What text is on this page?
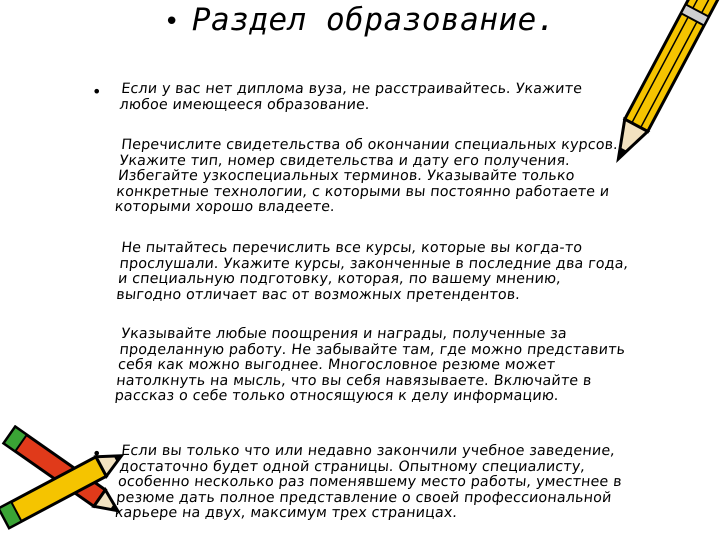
• Раздел образование.
•
•
Если у вас нет диплома вуза, не расстраивайтесь. Укажите
любое имеющееся образование.
Перечислите свидетельства об окончании специальных курсов.
Укажите тип, номер свидетельства и дату его получения.
Избегайте узкоспециальных терминов. Указывайте только
конкретные технологии, с которыми вы постоянно работаете и
которыми хорошо владеете.
Не пытайтесь перечислить все курсы, которые вы когда-то
прослушали. Укажите курсы, законченные в последние два года,
и специальную подготовку, которая, по вашему мнению,
выгодно отличает вас от возможных претендентов.
Указывайте любые поощрения и награды, полученные за
проделанную работу. Не забывайте там, где можно представить
себя как можно выгоднее. Многословное резюме может
натолкнуть на мысль, что вы себя навязываете. Включайте в
рассказ о себе только относящуюся к делу информацию.
Если вы только что или недавно закончили учебное заведение,
достаточно будет одной страницы. Опытному специалисту,
особенно несколько раз поменявшему место работы, уместнее в
резюме дать полное представление о своей профессиональной
карьере на двух, максимум трех страницах.
